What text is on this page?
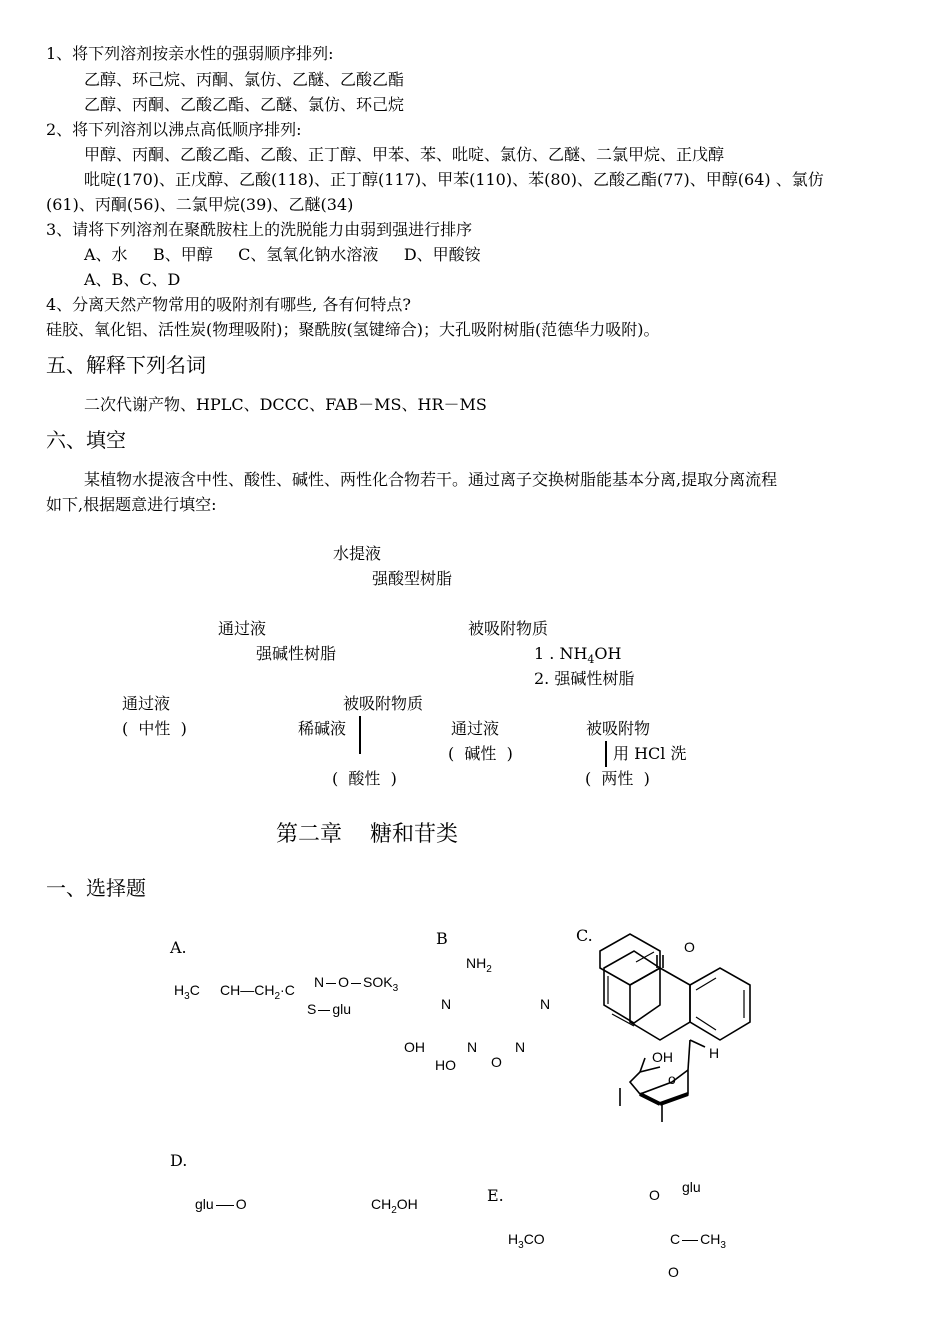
1、将下列溶剂按亲水性的强弱顺序排列:
乙醇、环己烷、丙酮、氯仿、乙醚、乙酸乙酯
乙醇、丙酮、乙酸乙酯、乙醚、氯仿、环己烷
2、将下列溶剂以沸点高低顺序排列:
甲醇、丙酮、乙酸乙酯、乙酸、正丁醇、甲苯、苯、吡啶、氯仿、乙醚、二氯甲烷、正戊醇
吡啶(170)、正戊醇、乙酸(118)、正丁醇(117)、甲苯(110)、苯(80)、乙酸乙酯(77)、甲醇(64) 、氯仿
(61)、丙酮(56)、二氯甲烷(39)、乙醚(34)
3、请将下列溶剂在聚酰胺柱上的洗脱能力由弱到强进行排序
A、水     B、甲醇     C、氢氧化钠水溶液     D、甲酸铵
A、B、C、D
4、分离天然产物常用的吸附剂有哪些, 各有何特点?
硅胶、氧化铝、活性炭(物理吸附)；聚酰胺(氢键缔合)；大孔吸附树脂(范德华力吸附)。
五、解释下列名词
二次代谢产物、HPLC、DCCC、FAB－MS、HR－MS
六、填空
某植物水提液含中性、酸性、碱性、两性化合物若干。通过离子交换树脂能基本分离,提取分离流程
如下,根据题意进行填空:
水提液
强酸型树脂
通过液	被吸附物质
强碱性树脂	1 . $NH_4OH$
2. 强碱性树脂
通过液	被吸附物质
(  中性  )	稀碱液	通过液	被吸附物
(  碱性  )	用 HCl 洗
(  酸性  )	(  两性  )
第二章    糖和苷类
一、选择题
A.
$H_3C$ $CH—CH_2\cdot C$ N O $SOK_3$
S glu
B
$NH_2$
N	N
OH	N	N
HO	O
C.
O
OH	H
o
D.
glu O	$CH_2OH$	E.	O glu
$H_3CO$	C $CH_3$
O
